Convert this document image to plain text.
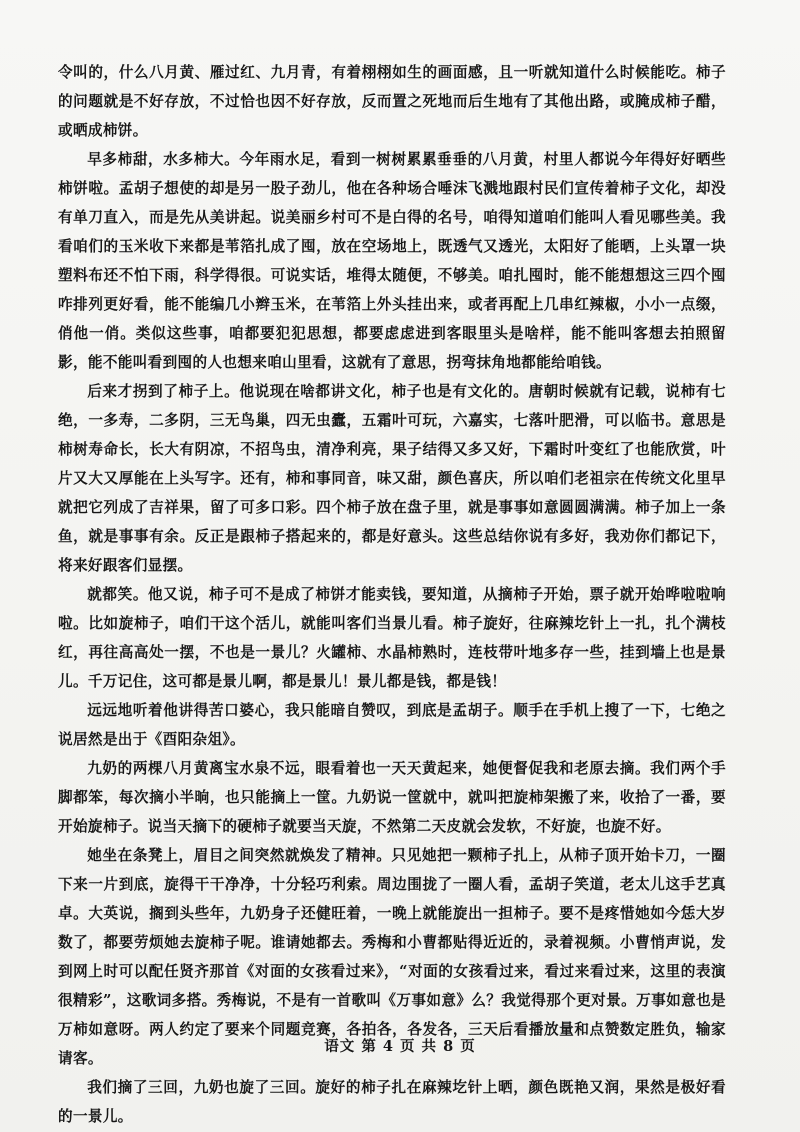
令叫的，什么八月黄、雁过红、九月青，有着栩栩如生的画面感，且一听就知道什么时候能吃。柿子的问题就是不好存放，不过恰也因不好存放，反而置之死地而后生地有了其他出路，或腌成柿子醋，或晒成柿饼。

早多柿甜，水多柿大。今年雨水足，看到一树树累累垂垂的八月黄，村里人都说今年得好好晒些柿饼啦。孟胡子想使的却是另一股子劲儿，他在各种场合唾沫飞溅地跟村民们宣传着柿子文化，却没有单刀直入，而是先从美讲起。说美丽乡村可不是白得的名号，咱得知道咱们能叫人看见哪些美。我看咱们的玉米收下来都是苇箔扎成了囤，放在空场地上，既透气又透光，太阳好了能晒，上头罩一块塑料布还不怕下雨，科学得很。可说实话，堆得太随便，不够美。咱扎囤时，能不能想想这三四个囤咋排列更好看，能不能编几小辫玉米，在苇箔上外头挂出来，或者再配上几串红辣椒，小小一点缀，俏他一俏。类似这些事，咱都要犯犯思想，都要虑虑进到客眼里头是啥样，能不能叫客想去拍照留影，能不能叫看到囤的人也想来咱山里看，这就有了意思，拐弯抹角地都能给咱钱。

后来才拐到了柿子上。他说现在啥都讲文化，柿子也是有文化的。唐朝时候就有记载，说柿有七绝，一多寿，二多阴，三无鸟巢，四无虫蠹，五霜叶可玩，六嘉实，七落叶肥滑，可以临书。意思是柿树寿命长，长大有阴凉，不招鸟虫，清净利亮，果子结得又多又好，下霜时叶变红了也能欣赏，叶片又大又厚能在上头写字。还有，柿和事同音，味又甜，颜色喜庆，所以咱们老祖宗在传统文化里早就把它列成了吉祥果，留了可多口彩。四个柿子放在盘子里，就是事事如意圆圆满满。柿子加上一条鱼，就是事事有余。反正是跟柿子搭起来的，都是好意头。这些总结你说有多好，我劝你们都记下，将来好跟客们显摆。

就都笑。他又说，柿子可不是成了柿饼才能卖钱，要知道，从摘柿子开始，票子就开始哗啦啦响啦。比如旋柿子，咱们干这个活儿，就能叫客们当景儿看。柿子旋好，往麻辣圪针上一扎，扎个满枝红，再往高高处一摆，不也是一景儿？火罐柿、水晶柿熟时，连枝带叶地多存一些，挂到墙上也是景儿。千万记住，这可都是景儿啊，都是景儿！景儿都是钱，都是钱！

远远地听着他讲得苦口婆心，我只能暗自赞叹，到底是孟胡子。顺手在手机上搜了一下，七绝之说居然是出于《酉阳杂俎》。

九奶的两棵八月黄离宝水泉不远，眼看着也一天天黄起来，她便督促我和老原去摘。我们两个手脚都笨，每次摘小半晌，也只能摘上一筐。九奶说一筐就中，就叫把旋柿架搬了来，收拾了一番，要开始旋柿子。说当天摘下的硬柿子就要当天旋，不然第二天皮就会发软，不好旋，也旋不好。

她坐在条凳上，眉目之间突然就焕发了精神。只见她把一颗柿子扎上，从柿子顶开始卡刀，一圈下来一片到底，旋得干干净净，十分轻巧利索。周边围拢了一圈人看，孟胡子笑道，老太儿这手艺真卓。大英说，搁到头些年，九奶身子还健旺着，一晚上就能旋出一担柿子。要不是疼惜她如今恁大岁数了，都要劳烦她去旋柿子呢。谁请她都去。秀梅和小曹都贴得近近的，录着视频。小曹悄声说，发到网上时可以配任贤齐那首《对面的女孩看过来》，“对面的女孩看过来，看过来看过来，这里的表演很精彩”，这歌词多搭。秀梅说，不是有一首歌叫《万事如意》么？我觉得那个更对景。万事如意也是万柿如意呀。两人约定了要来个同题竞赛，各拍各，各发各，三天后看播放量和点赞数定胜负，输家请客。

我们摘了三回，九奶也旋了三回。旋好的柿子扎在麻辣圪针上晒，颜色既艳又润，果然是极好看的一景儿。

语文 第 4 页 共 8 页
